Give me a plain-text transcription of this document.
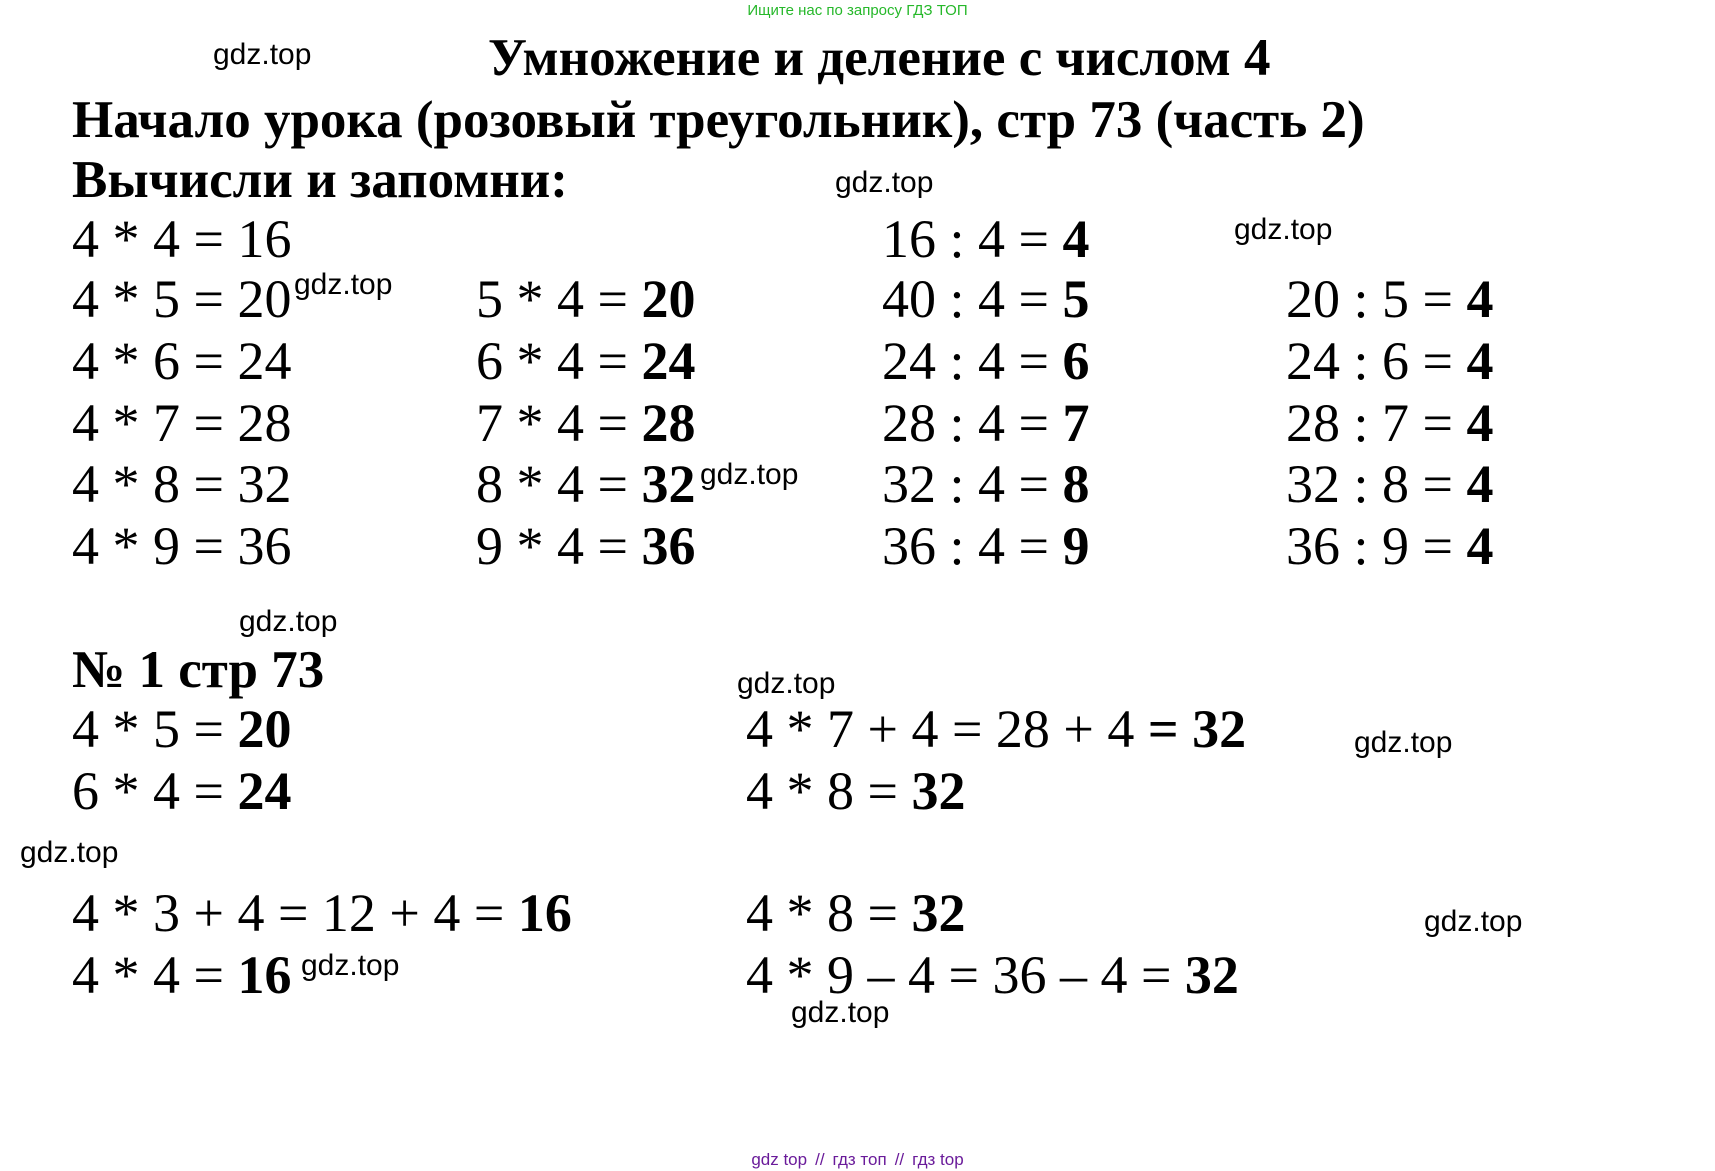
Ищите нас по запросу ГДЗ ТОП
Умножение и деление с числом 4
Начало урока (розовый треугольник), стр 73 (часть 2)
Вычисли и запомни:
4 * 4 = 16
4 * 5 = 20
4 * 6 = 24
4 * 7 = 28
4 * 8 = 32
4 * 9 = 36
5 * 4 = 20
6 * 4 = 24
7 * 4 = 28
8 * 4 = 32
9 * 4 = 36
16 : 4 = 4
40 : 4 = 5
24 : 4 = 6
28 : 4 = 7
32 : 4 = 8
36 : 4 = 9
20 : 5 = 4
24 : 6 = 4
28 : 7 = 4
32 : 8 = 4
36 : 9 = 4
№ 1 стр 73
4 * 5 = 20
6 * 4 = 24
4 * 3 + 4 = 12 + 4 = 16
4 * 4 = 16
4 * 7 + 4 = 28 + 4 = 32
4 * 8 = 32
4 * 8 = 32
4 * 9 – 4 = 36 – 4 = 32
gdz.top
gdz.top
gdz.top
gdz.top
gdz.top
gdz.top
gdz.top
gdz.top
gdz.top
gdz.top
gdz.top
gdz.top
gdz top // гдз топ // гдз top
